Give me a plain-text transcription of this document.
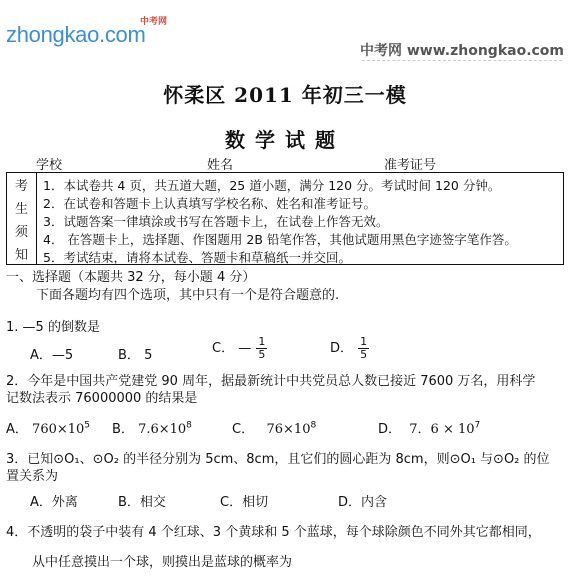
zhongkao.com
中考网
中考网 www.zhongkao.com
怀柔区 2011 年初三一模
数学试题
学校	姓名	准考证号
考
生
须
知
1．本试卷共 4 页，共五道大题，25 道小题，满分 120 分。考试时间 120 分钟。
2．在试卷和答题卡上认真填写学校名称、姓名和准考证号。
3．试题答案一律填涂或书写在答题卡上，在试卷上作答无效。
4． 在答题卡上，选择题、作图题用 2B 铅笔作答，其他试题用黑色字迹签字笔作答。
5．考试结束，请将本试卷、答题卡和草稿纸一并交回。
一、选择题（本题共 32 分，每小题 4 分）
下面各题均有四个选项，其中只有一个是符合题意的.
1. —5 的倒数是
A．—5	B． 5	C． — $\frac{1}{5}$	D． $\frac{1}{5}$
2．今年是中国共产党建党 90 周年，据最新统计中共党员总人数已接近 7600 万名，用科学
记数法表示 76000000 的结果是
A． $760\times 10^5$ B． $7.6\times 10^8$	C． $76\times 10^8$	D． 7．$6 \times 10^7$
3．已知⊙O₁、⊙O₂ 的半径分别为 5cm、8cm，且它们的圆心距为 8cm，则⊙O₁ 与⊙O₂ 的位
置关系为
A．外离	B．相交	C．相切	D．内含
4．不透明的袋子中装有 4 个红球、3 个黄球和 5 个蓝球，每个球除颜色不同外其它都相同，
从中任意摸出一个球，则摸出是蓝球的概率为
